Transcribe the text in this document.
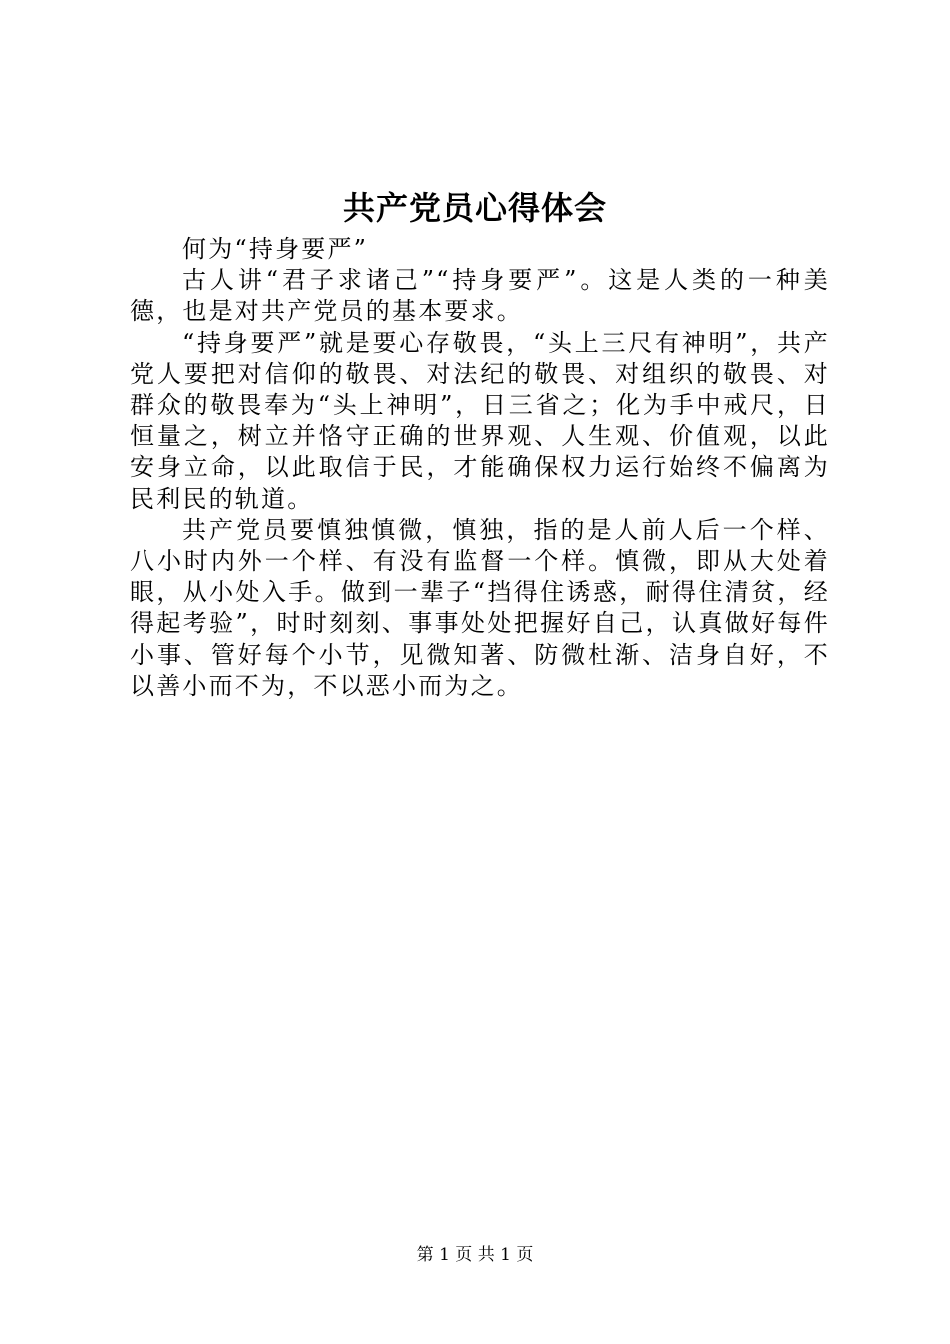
共产党员心得体会

何为“持身要严”

古人讲“君子求诸己”“持身要严”。这是人类的一种美德，也是对共产党员的基本要求。

“持身要严”就是要心存敬畏，“头上三尺有神明”，共产党人要把对信仰的敬畏、对法纪的敬畏、对组织的敬畏、对群众的敬畏奉为“头上神明”，日三省之；化为手中戒尺，日恒量之，树立并恪守正确的世界观、人生观、价值观，以此安身立命，以此取信于民，才能确保权力运行始终不偏离为民利民的轨道。

共产党员要慎独慎微，慎独，指的是人前人后一个样、八小时内外一个样、有没有监督一个样。慎微，即从大处着眼，从小处入手。做到一辈子“挡得住诱惑，耐得住清贫，经得起考验”，时时刻刻、事事处处把握好自己，认真做好每件小事、管好每个小节，见微知著、防微杜渐、洁身自好，不以善小而不为，不以恶小而为之。

第 1 页 共 1 页
